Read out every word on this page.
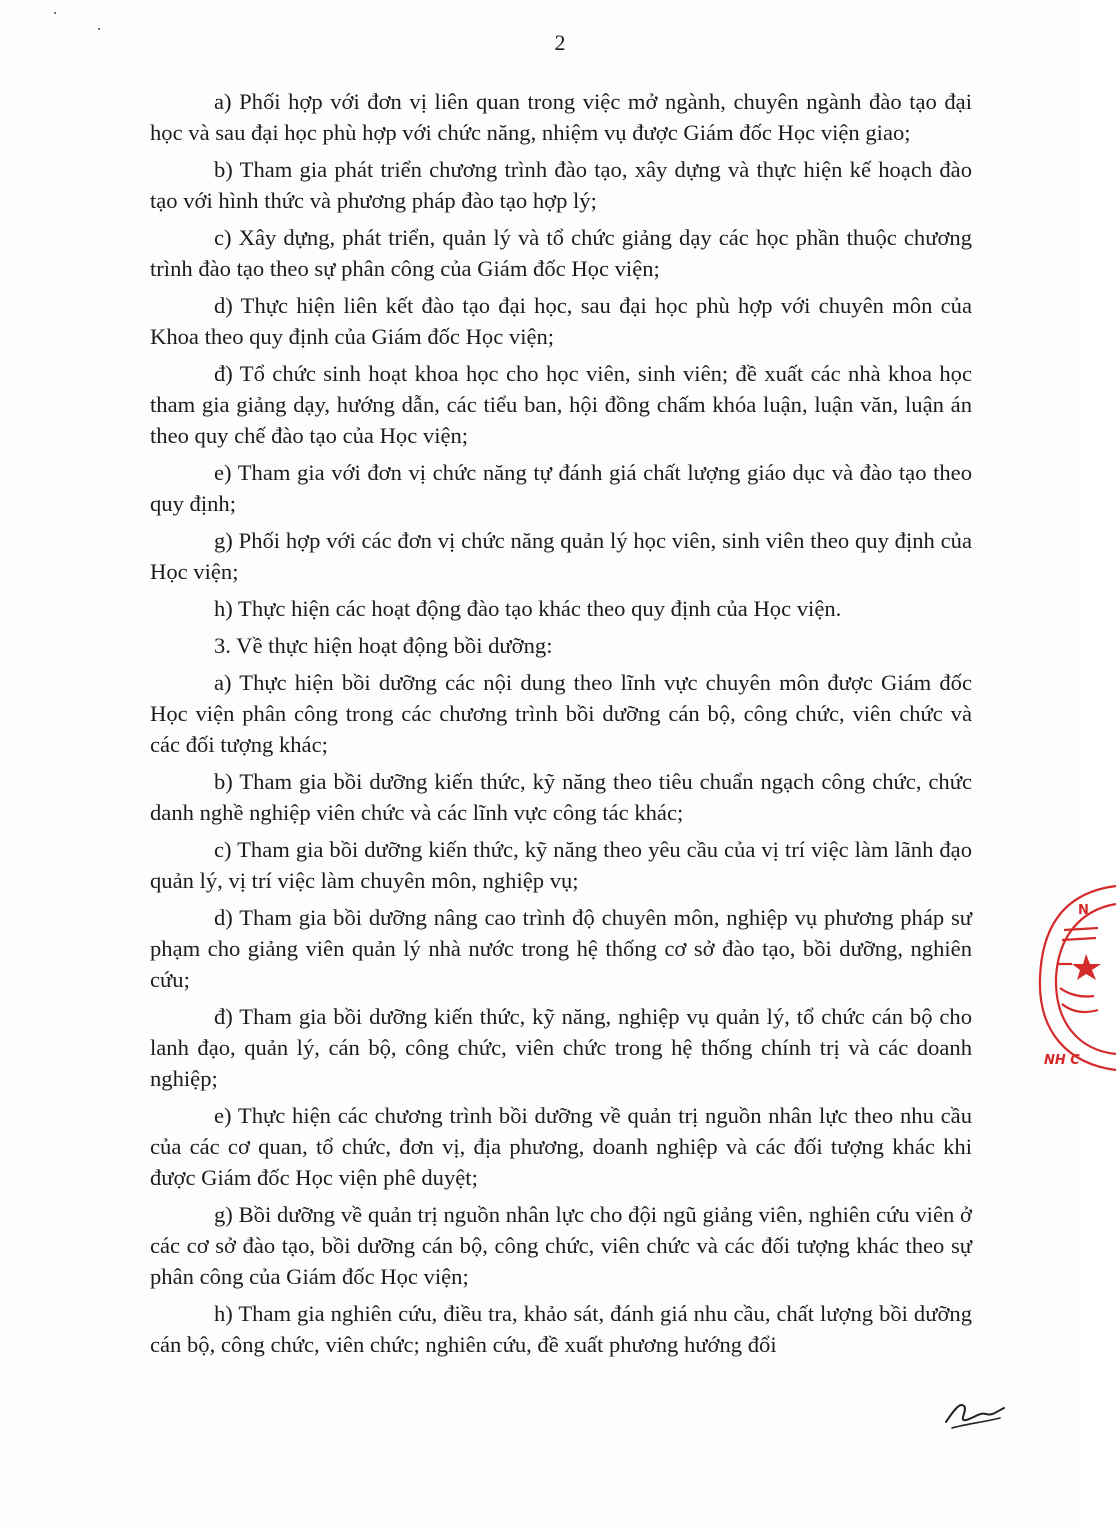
2

a) Phối hợp với đơn vị liên quan trong việc mở ngành, chuyên ngành đào tạo đại học và sau đại học phù hợp với chức năng, nhiệm vụ được Giám đốc Học viện giao;

b) Tham gia phát triển chương trình đào tạo, xây dựng và thực hiện kế hoạch đào tạo với hình thức và phương pháp đào tạo hợp lý;

c) Xây dựng, phát triển, quản lý và tổ chức giảng dạy các học phần thuộc chương trình đào tạo theo sự phân công của Giám đốc Học viện;

d) Thực hiện liên kết đào tạo đại học, sau đại học phù hợp với chuyên môn của Khoa theo quy định của Giám đốc Học viện;

đ) Tổ chức sinh hoạt khoa học cho học viên, sinh viên; đề xuất các nhà khoa học tham gia giảng dạy, hướng dẫn, các tiểu ban, hội đồng chấm khóa luận, luận văn, luận án theo quy chế đào tạo của Học viện;

e) Tham gia với đơn vị chức năng tự đánh giá chất lượng giáo dục và đào tạo theo quy định;

g) Phối hợp với các đơn vị chức năng quản lý học viên, sinh viên theo quy định của Học viện;

h) Thực hiện các hoạt động đào tạo khác theo quy định của Học viện.

3. Về thực hiện hoạt động bồi dưỡng:

a) Thực hiện bồi dưỡng các nội dung theo lĩnh vực chuyên môn được Giám đốc Học viện phân công trong các chương trình bồi dưỡng cán bộ, công chức, viên chức và các đối tượng khác;

b) Tham gia bồi dưỡng kiến thức, kỹ năng theo tiêu chuẩn ngạch công chức, chức danh nghề nghiệp viên chức và các lĩnh vực công tác khác;

c) Tham gia bồi dưỡng kiến thức, kỹ năng theo yêu cầu của vị trí việc làm lãnh đạo quản lý, vị trí việc làm chuyên môn, nghiệp vụ;

d) Tham gia bồi dưỡng nâng cao trình độ chuyên môn, nghiệp vụ phương pháp sư phạm cho giảng viên quản lý nhà nước trong hệ thống cơ sở đào tạo, bồi dưỡng, nghiên cứu;

đ) Tham gia bồi dưỡng kiến thức, kỹ năng, nghiệp vụ quản lý, tổ chức cán bộ cho lanh đạo, quản lý, cán bộ, công chức, viên chức trong hệ thống chính trị và các doanh nghiệp;

e) Thực hiện các chương trình bồi dưỡng về quản trị nguồn nhân lực theo nhu cầu của các cơ quan, tổ chức, đơn vị, địa phương, doanh nghiệp và các đối tượng khác khi được Giám đốc Học viện phê duyệt;

g) Bồi dưỡng về quản trị nguồn nhân lực cho đội ngũ giảng viên, nghiên cứu viên ở các cơ sở đào tạo, bồi dưỡng cán bộ, công chức, viên chức và các đối tượng khác theo sự phân công của Giám đốc Học viện;

h) Tham gia nghiên cứu, điều tra, khảo sát, đánh giá nhu cầu, chất lượng bồi dưỡng cán bộ, công chức, viên chức; nghiên cứu, đề xuất phương hướng đổi

N
NH C
